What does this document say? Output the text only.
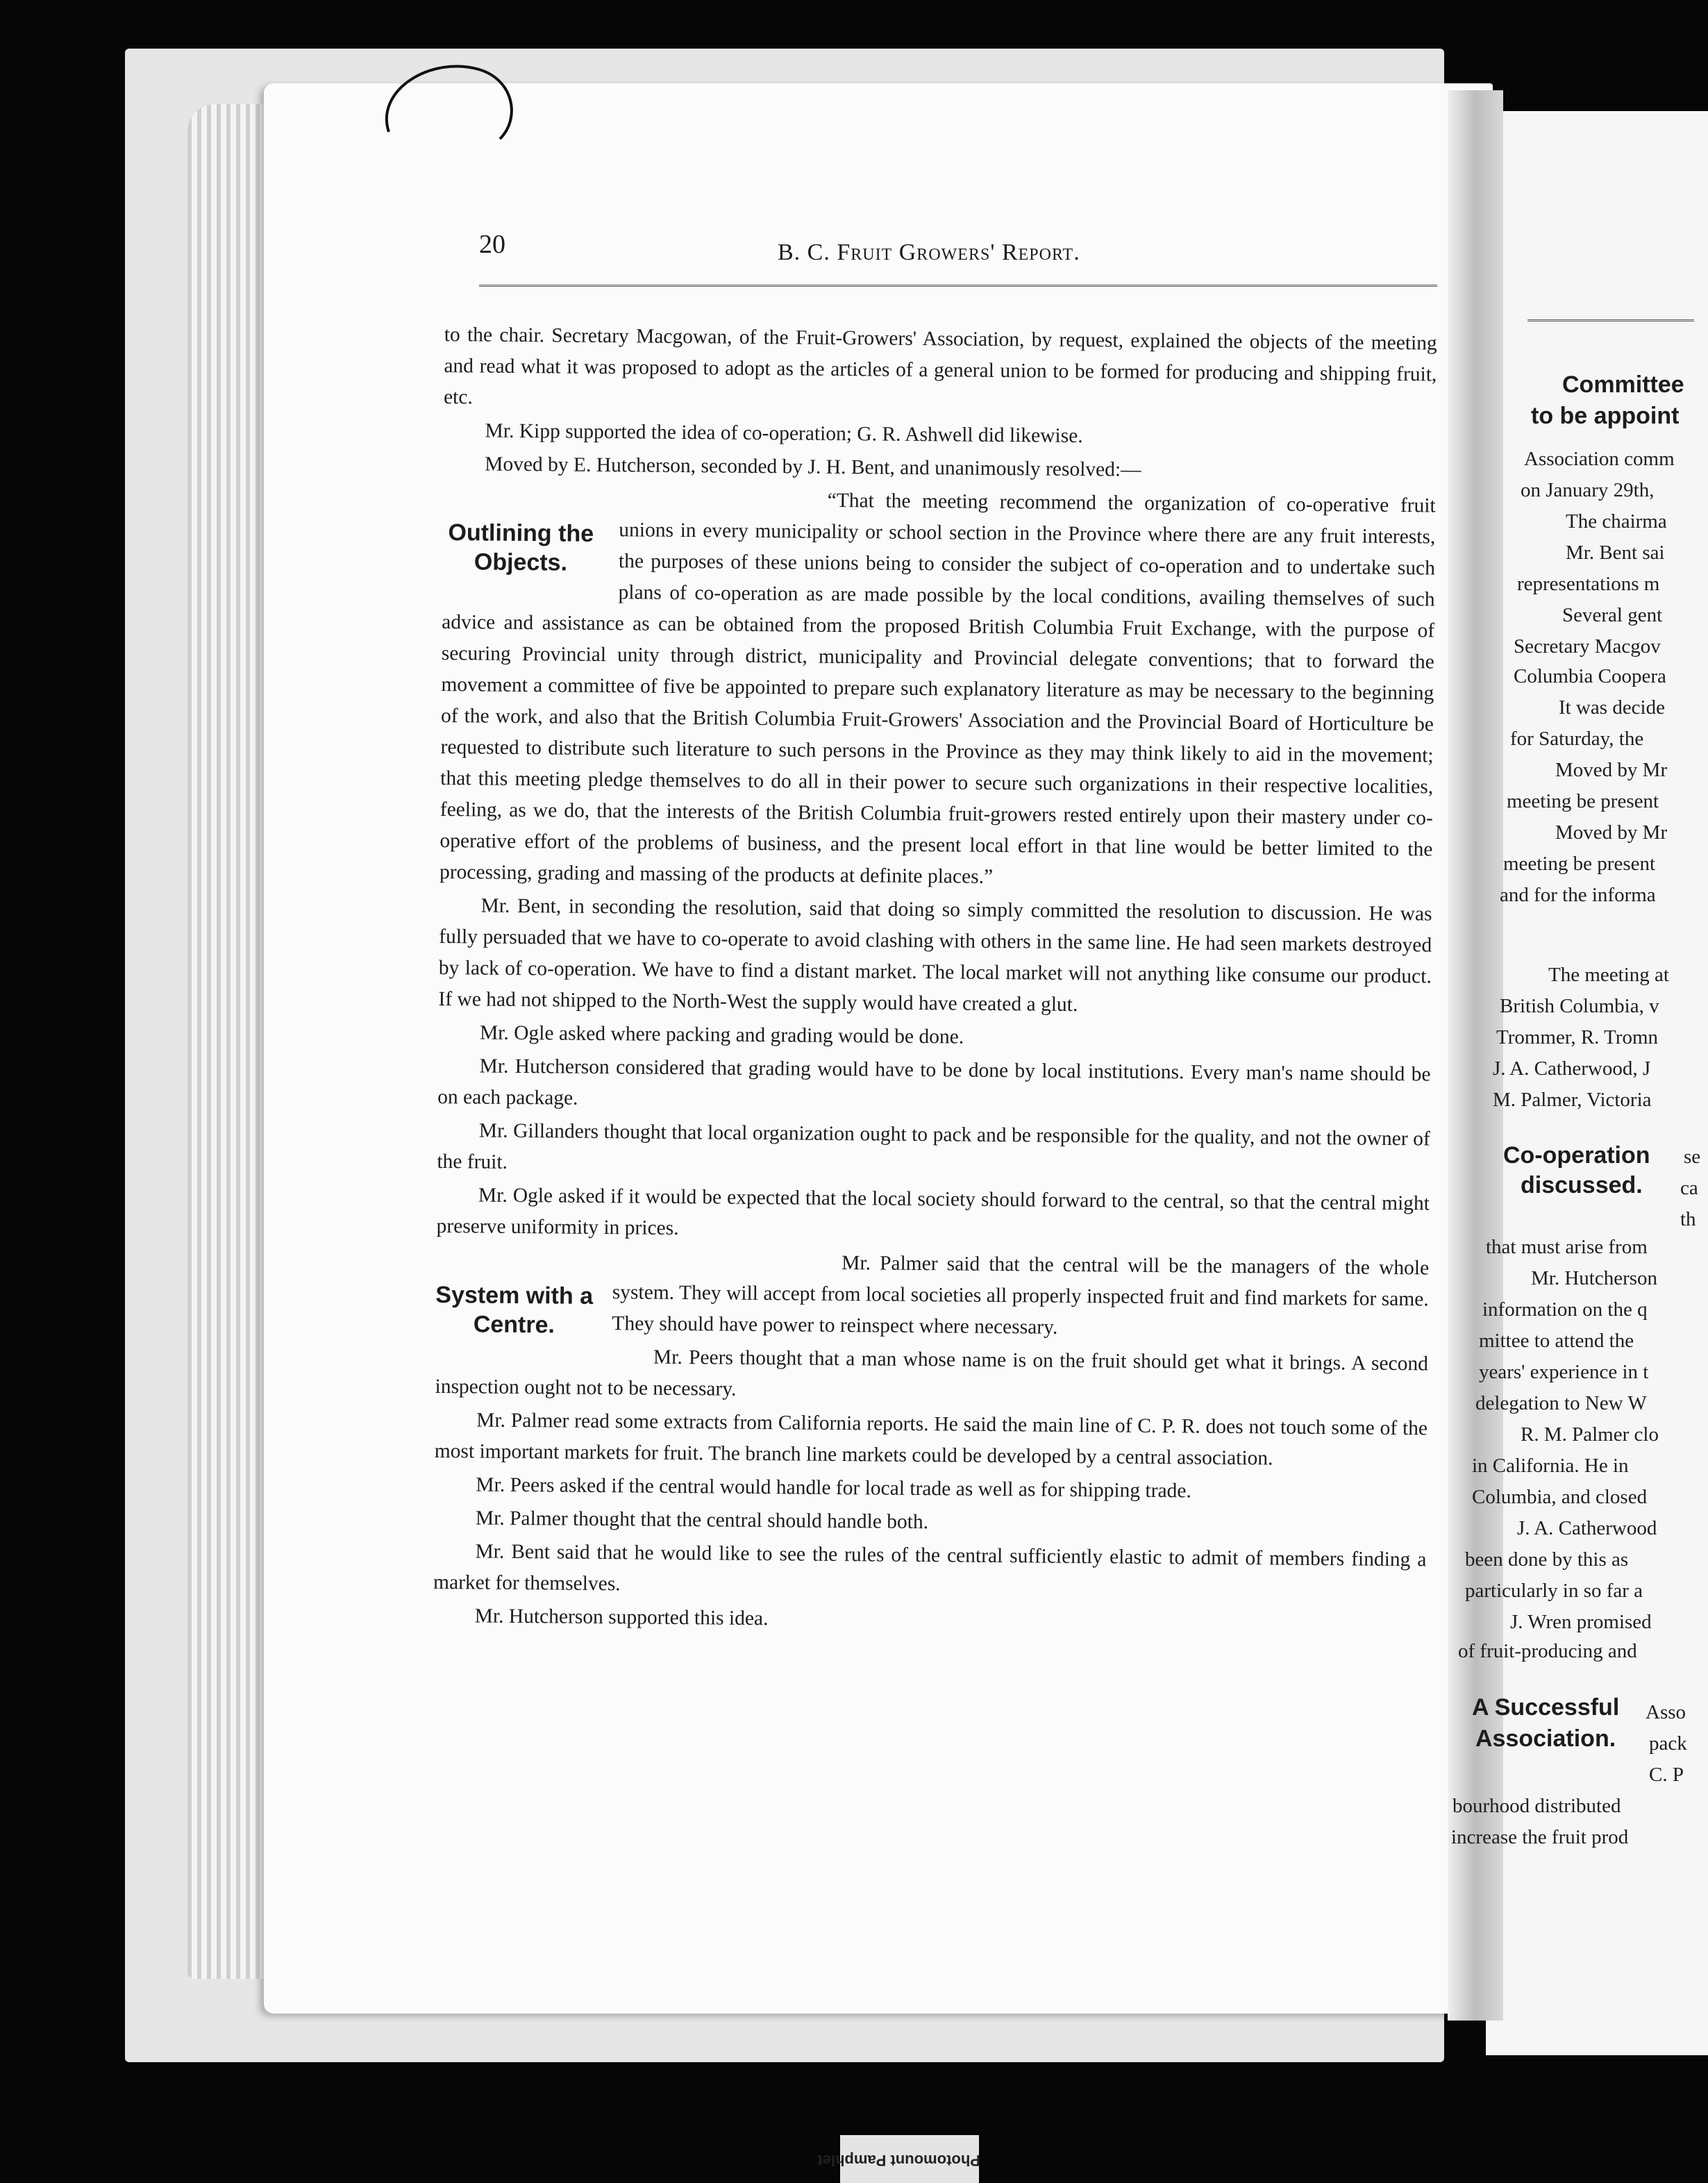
20	B. C. Fruit Growers' Report.

to the chair. Secretary Macgowan, of the Fruit-Growers' Association, by request, explained the objects of the meeting and read what it was proposed to adopt as the articles of a general union to be formed for producing and shipping fruit, etc.

Mr. Kipp supported the idea of co-operation; G. R. Ashwell did likewise.

Moved by E. Hutcherson, seconded by J. H. Bent, and unanimously resolved:—

Outlining the Objects.

“That the meeting recommend the organization of co-operative fruit unions in every municipality or school section in the Province where there are any fruit interests, the purposes of these unions being to consider the subject of co-operation and to undertake such plans of co-operation as are made possible by the local conditions, availing themselves of such advice and assistance as can be obtained from the proposed British Columbia Fruit Exchange, with the purpose of securing Provincial unity through district, municipality and Provincial delegate conventions; that to forward the movement a committee of five be appointed to prepare such explanatory literature as may be necessary to the beginning of the work, and also that the British Columbia Fruit-Growers' Association and the Provincial Board of Horticulture be requested to distribute such literature to such persons in the Province as they may think likely to aid in the movement; that this meeting pledge themselves to do all in their power to secure such organizations in their respective localities, feeling, as we do, that the interests of the British Columbia fruit-growers rested entirely upon their mastery under co-operative effort of the problems of business, and the present local effort in that line would be better limited to the processing, grading and massing of the products at definite places.”

Mr. Bent, in seconding the resolution, said that doing so simply committed the resolution to discussion. He was fully persuaded that we have to co-operate to avoid clashing with others in the same line. He had seen markets destroyed by lack of co-operation. We have to find a distant market. The local market will not anything like consume our product. If we had not shipped to the North-West the supply would have created a glut.

Mr. Ogle asked where packing and grading would be done.

Mr. Hutcherson considered that grading would have to be done by local institutions. Every man's name should be on each package.

Mr. Gillanders thought that local organization ought to pack and be responsible for the quality, and not the owner of the fruit.

Mr. Ogle asked if it would be expected that the local society should forward to the central, so that the central might preserve uniformity in prices.

System with a Centre.

Mr. Palmer said that the central will be the managers of the whole system. They will accept from local societies all properly inspected fruit and find markets for same. They should have power to reinspect where necessary.

Mr. Peers thought that a man whose name is on the fruit should get what it brings. A second inspection ought not to be necessary.

Mr. Palmer read some extracts from California reports. He said the main line of C. P. R. does not touch some of the most important markets for fruit. The branch line markets could be developed by a central association.

Mr. Peers asked if the central would handle for local trade as well as for shipping trade.

Mr. Palmer thought that the central should handle both.

Mr. Bent said that he would like to see the rules of the central sufficiently elastic to admit of members finding a market for themselves.

Mr. Hutcherson supported this idea.

Committee
to be appoint
Association comm
on January 29th,
The chairma
Mr. Bent sai
representations m
Several gent
Secretary Macgov
Columbia Coopera
It was decide
for Saturday, the
Moved by Mr
meeting be present
Moved by Mr
meeting be present
and for the informa
The meeting at
British Columbia, v
Trommer, R. Tromn
J. A. Catherwood, J
M. Palmer, Victoria
Co-operation
discussed.
se
ca
th
that must arise from
Mr. Hutcherson
information on the q
mittee to attend the
years' experience in t
delegation to New W
R. M. Palmer clo
in California. He in
Columbia, and closed
J. A. Catherwood
been done by this as
particularly in so far a
J. Wren promised
of fruit-producing and
A Successful
Association.
Asso
pack
C. P
bourhood distributed
increase the fruit prod
Photomount Pamphlet
